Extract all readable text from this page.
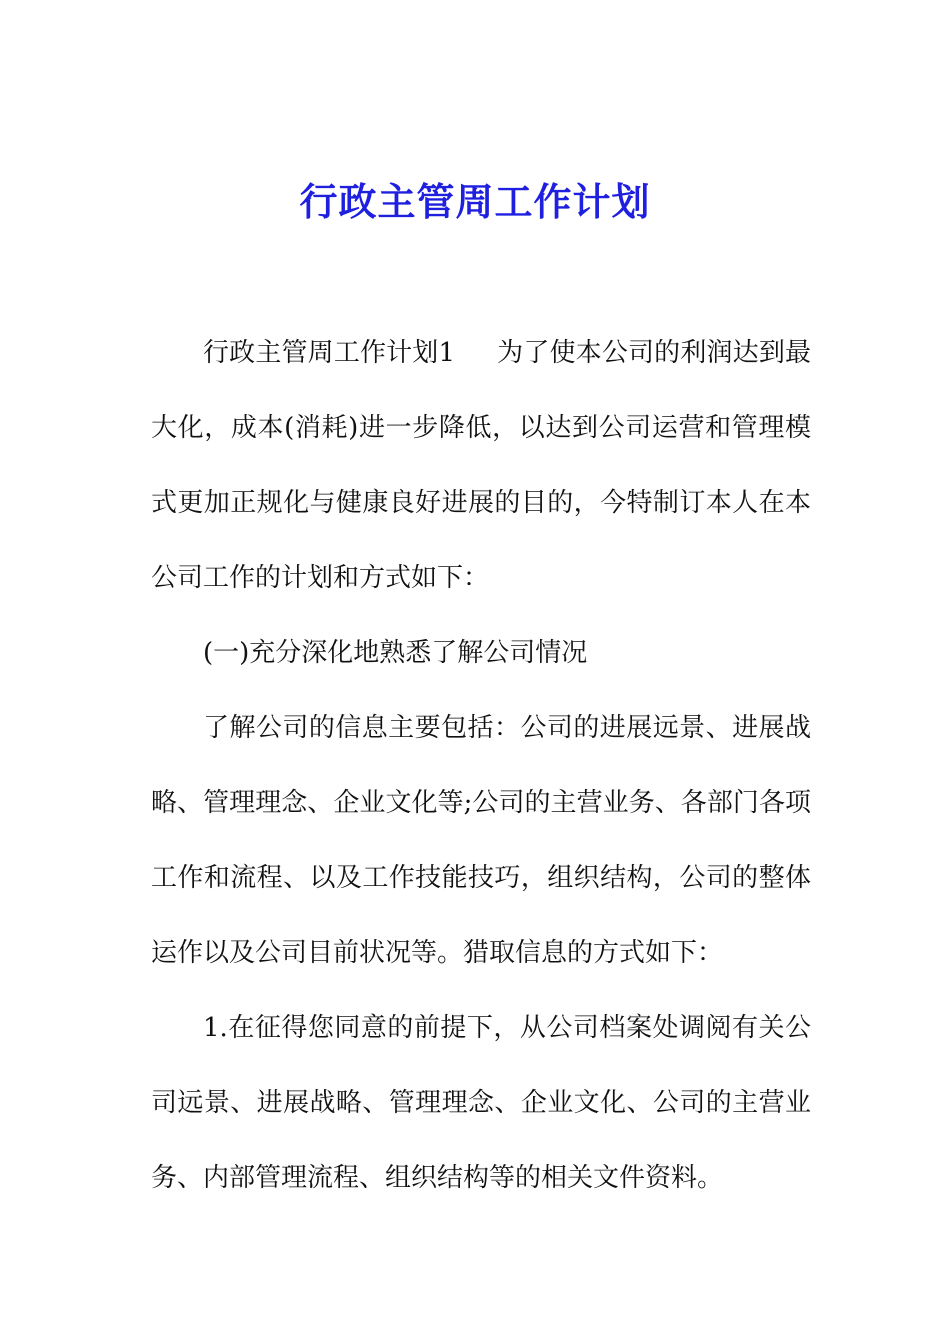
行政主管周工作计划

行政主管周工作计划1 为了使本公司的利润达到最大化，成本(消耗)进一步降低，以达到公司运营和管理模式更加正规化与健康良好进展的目的，今特制订本人在本公司工作的计划和方式如下：

(一)充分深化地熟悉了解公司情况

了解公司的信息主要包括：公司的进展远景、进展战略、管理理念、企业文化等;公司的主营业务、各部门各项工作和流程、以及工作技能技巧，组织结构，公司的整体运作以及公司目前状况等。猎取信息的方式如下：

1.在征得您同意的前提下，从公司档案处调阅有关公司远景、进展战略、管理理念、企业文化、公司的主营业务、内部管理流程、组织结构等的相关文件资料。
